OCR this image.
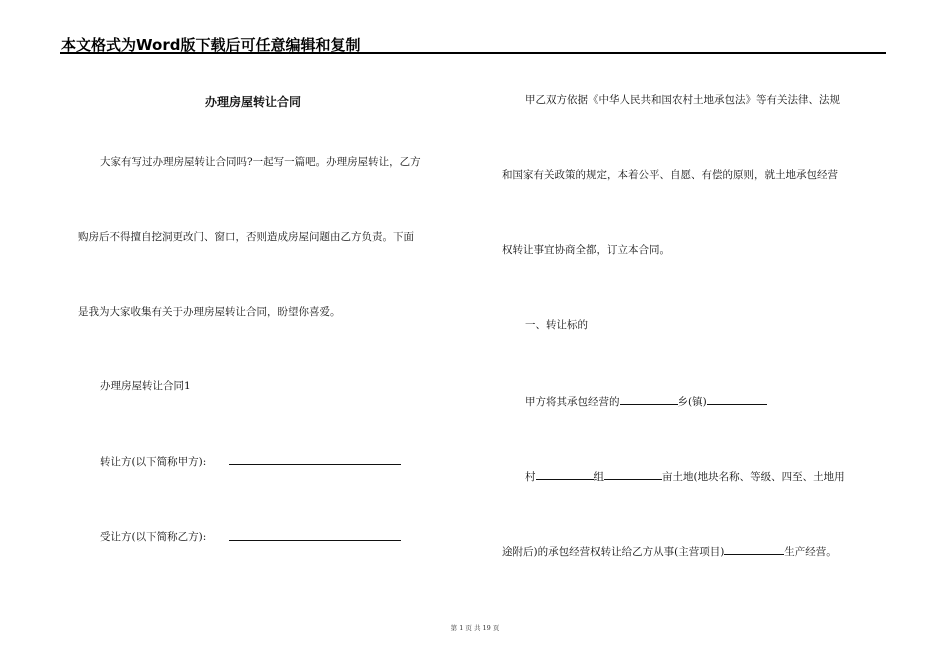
本文格式为Word版下载后可任意编辑和复制
办理房屋转让合同
大家有写过办理房屋转让合同吗?一起写一篇吧。办理房屋转让，乙方
购房后不得擅自挖洞更改门、窗口，否则造成房屋问题由乙方负责。下面
是我为大家收集有关于办理房屋转让合同，盼望你喜爱。
办理房屋转让合同1
转让方(以下简称甲方):
受让方(以下简称乙方):
甲乙双方依据《中华人民共和国农村土地承包法》等有关法律、法规
和国家有关政策的规定，本着公平、自愿、有偿的原则，就土地承包经营
权转让事宜协商全都，订立本合同。
一、转让标的
甲方将其承包经营的	乡(镇)
村	组	亩土地(地块名称、等级、四至、土地用
途附后)的承包经营权转让给乙方从事(主营项目)	生产经营。
第 1 页 共 19 页
